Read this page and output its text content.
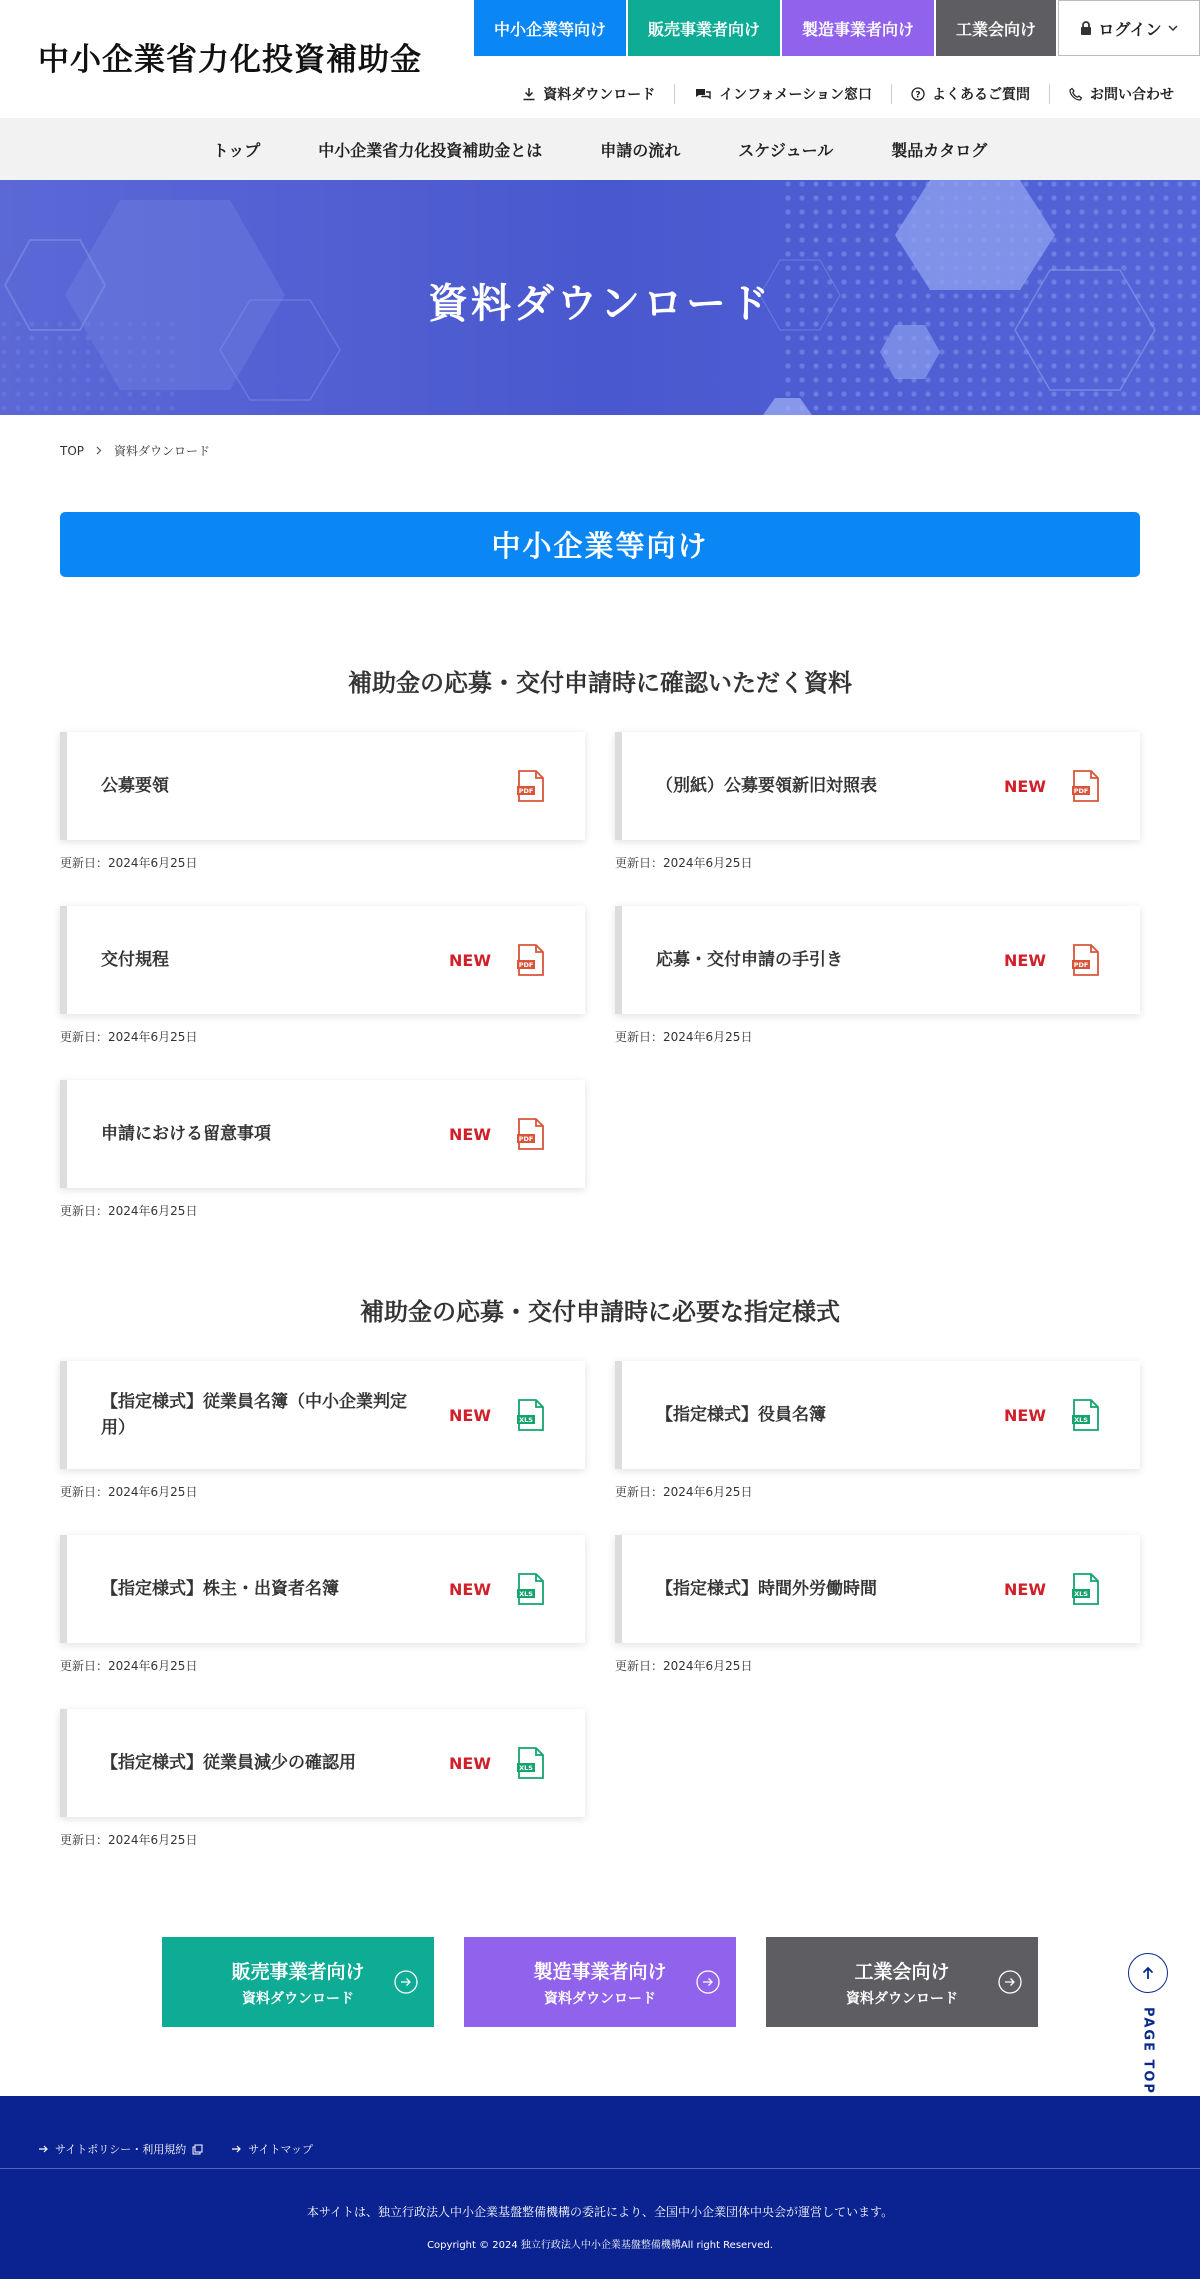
中小企業省力化投資補助金
中小企業等向け	販売事業者向け	製造事業者向け	工業会向け	ログイン
資料ダウンロード	インフォメーション窓口	? よくあるご質問	お問い合わせ
トップ	中小企業省力化投資補助金とは	申請の流れ	スケジュール	製品カタログ
資料ダウンロード
TOP	資料ダウンロード
中小企業等向け
補助金の応募・交付申請時に確認いただく資料
公募要領	PDF
更新日：2024年6月25日
（別紙）公募要領新旧対照表	NEW	PDF
更新日：2024年6月25日
交付規程	NEW	PDF
更新日：2024年6月25日
応募・交付申請の手引き	NEW	PDF
更新日：2024年6月25日
申請における留意事項	NEW	PDF
更新日：2024年6月25日
補助金の応募・交付申請時に必要な指定様式
【指定様式】従業員名簿（中小企業判定用）
NEW	XLS
更新日：2024年6月25日
【指定様式】役員名簿	NEW	XLS
更新日：2024年6月25日
【指定様式】株主・出資者名簿	NEW	XLS
更新日：2024年6月25日
【指定様式】時間外労働時間	NEW	XLS
更新日：2024年6月25日
【指定様式】従業員減少の確認用	NEW	XLS
更新日：2024年6月25日
販売事業者向け
資料ダウンロード
製造事業者向け
資料ダウンロード
工業会向け
資料ダウンロード
PAGE TOP
サイトポリシー・利用規約	サイトマップ
本サイトは、独立行政法人中小企業基盤整備機構の委託により、全国中小企業団体中央会が運営しています。
Copyright © 2024 独立行政法人中小企業基盤整備機構All right Reserved.
